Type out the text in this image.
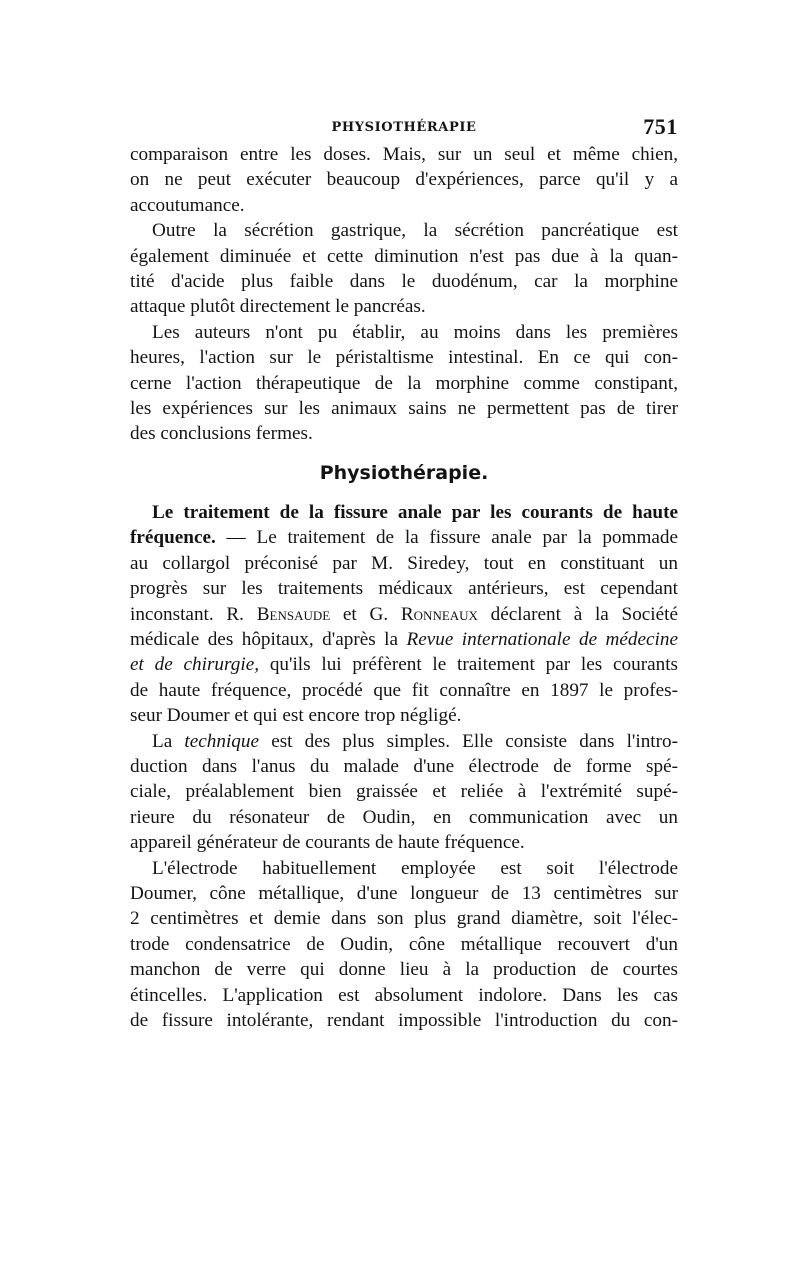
PHYSIOTHÉRAPIE	751
comparaison entre les doses. Mais, sur un seul et même chien,
on ne peut exécuter beaucoup d'expériences, parce qu'il y a
accoutumance.
Outre la sécrétion gastrique, la sécrétion pancréatique est
également diminuée et cette diminution n'est pas due à la quan-
tité d'acide plus faible dans le duodénum, car la morphine
attaque plutôt directement le pancréas.
Les auteurs n'ont pu établir, au moins dans les premières
heures, l'action sur le péristaltisme intestinal. En ce qui con-
cerne l'action thérapeutique de la morphine comme constipant,
les expériences sur les animaux sains ne permettent pas de tirer
des conclusions fermes.
Physiothérapie.
Le traitement de la fissure anale par les courants de haute
fréquence. — Le traitement de la fissure anale par la pommade
au collargol préconisé par M. Siredey, tout en constituant un
progrès sur les traitements médicaux antérieurs, est cependant
inconstant. R. Bensaude et G. Ronneaux déclarent à la Société
médicale des hôpitaux, d'après la Revue internationale de médecine
et de chirurgie, qu'ils lui préfèrent le traitement par les courants
de haute fréquence, procédé que fit connaître en 1897 le profes-
seur Doumer et qui est encore trop négligé.
La technique est des plus simples. Elle consiste dans l'intro-
duction dans l'anus du malade d'une électrode de forme spé-
ciale, préalablement bien graissée et reliée à l'extrémité supé-
rieure du résonateur de Oudin, en communication avec un
appareil générateur de courants de haute fréquence.
L'électrode habituellement employée est soit l'électrode
Doumer, cône métallique, d'une longueur de 13 centimètres sur
2 centimètres et demie dans son plus grand diamètre, soit l'élec-
trode condensatrice de Oudin, cône métallique recouvert d'un
manchon de verre qui donne lieu à la production de courtes
étincelles. L'application est absolument indolore. Dans les cas
de fissure intolérante, rendant impossible l'introduction du con-
